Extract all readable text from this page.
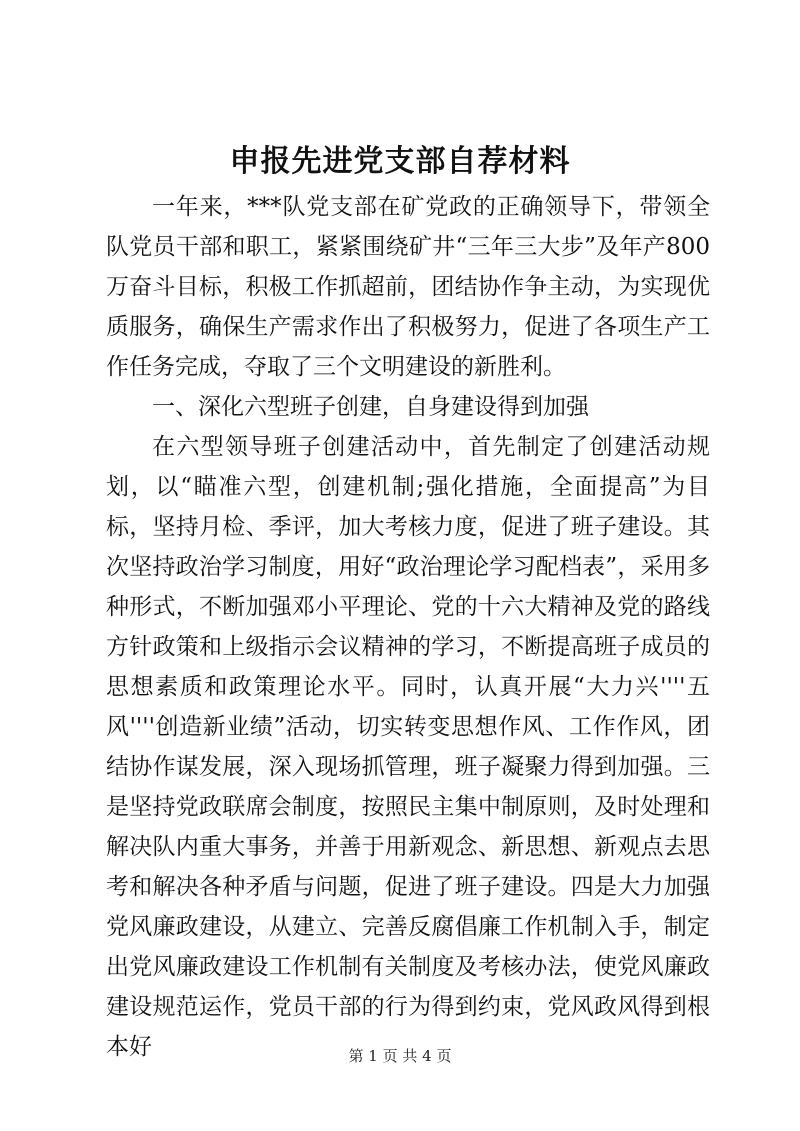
申报先进党支部自荐材料

一年来，***队党支部在矿党政的正确领导下，带领全队党员干部和职工，紧紧围绕矿井“三年三大步”及年产800万奋斗目标，积极工作抓超前，团结协作争主动，为实现优质服务，确保生产需求作出了积极努力，促进了各项生产工作任务完成，夺取了三个文明建设的新胜利。

一、深化六型班子创建，自身建设得到加强

在六型领导班子创建活动中，首先制定了创建活动规划，以“瞄准六型，创建机制;强化措施，全面提高”为目标，坚持月检、季评，加大考核力度，促进了班子建设。其次坚持政治学习制度，用好“政治理论学习配档表”，采用多种形式，不断加强邓小平理论、党的十六大精神及党的路线方针政策和上级指示会议精神的学习，不断提高班子成员的思想素质和政策理论水平。同时，认真开展“大力兴''''五风''''创造新业绩”活动，切实转变思想作风、工作作风，团结协作谋发展，深入现场抓管理，班子凝聚力得到加强。三是坚持党政联席会制度，按照民主集中制原则，及时处理和解决队内重大事务，并善于用新观念、新思想、新观点去思考和解决各种矛盾与问题，促进了班子建设。四是大力加强党风廉政建设，从建立、完善反腐倡廉工作机制入手，制定出党风廉政建设工作机制有关制度及考核办法，使党风廉政建设规范运作，党员干部的行为得到约束，党风政风得到根本好	第 1 页 共 4 页
